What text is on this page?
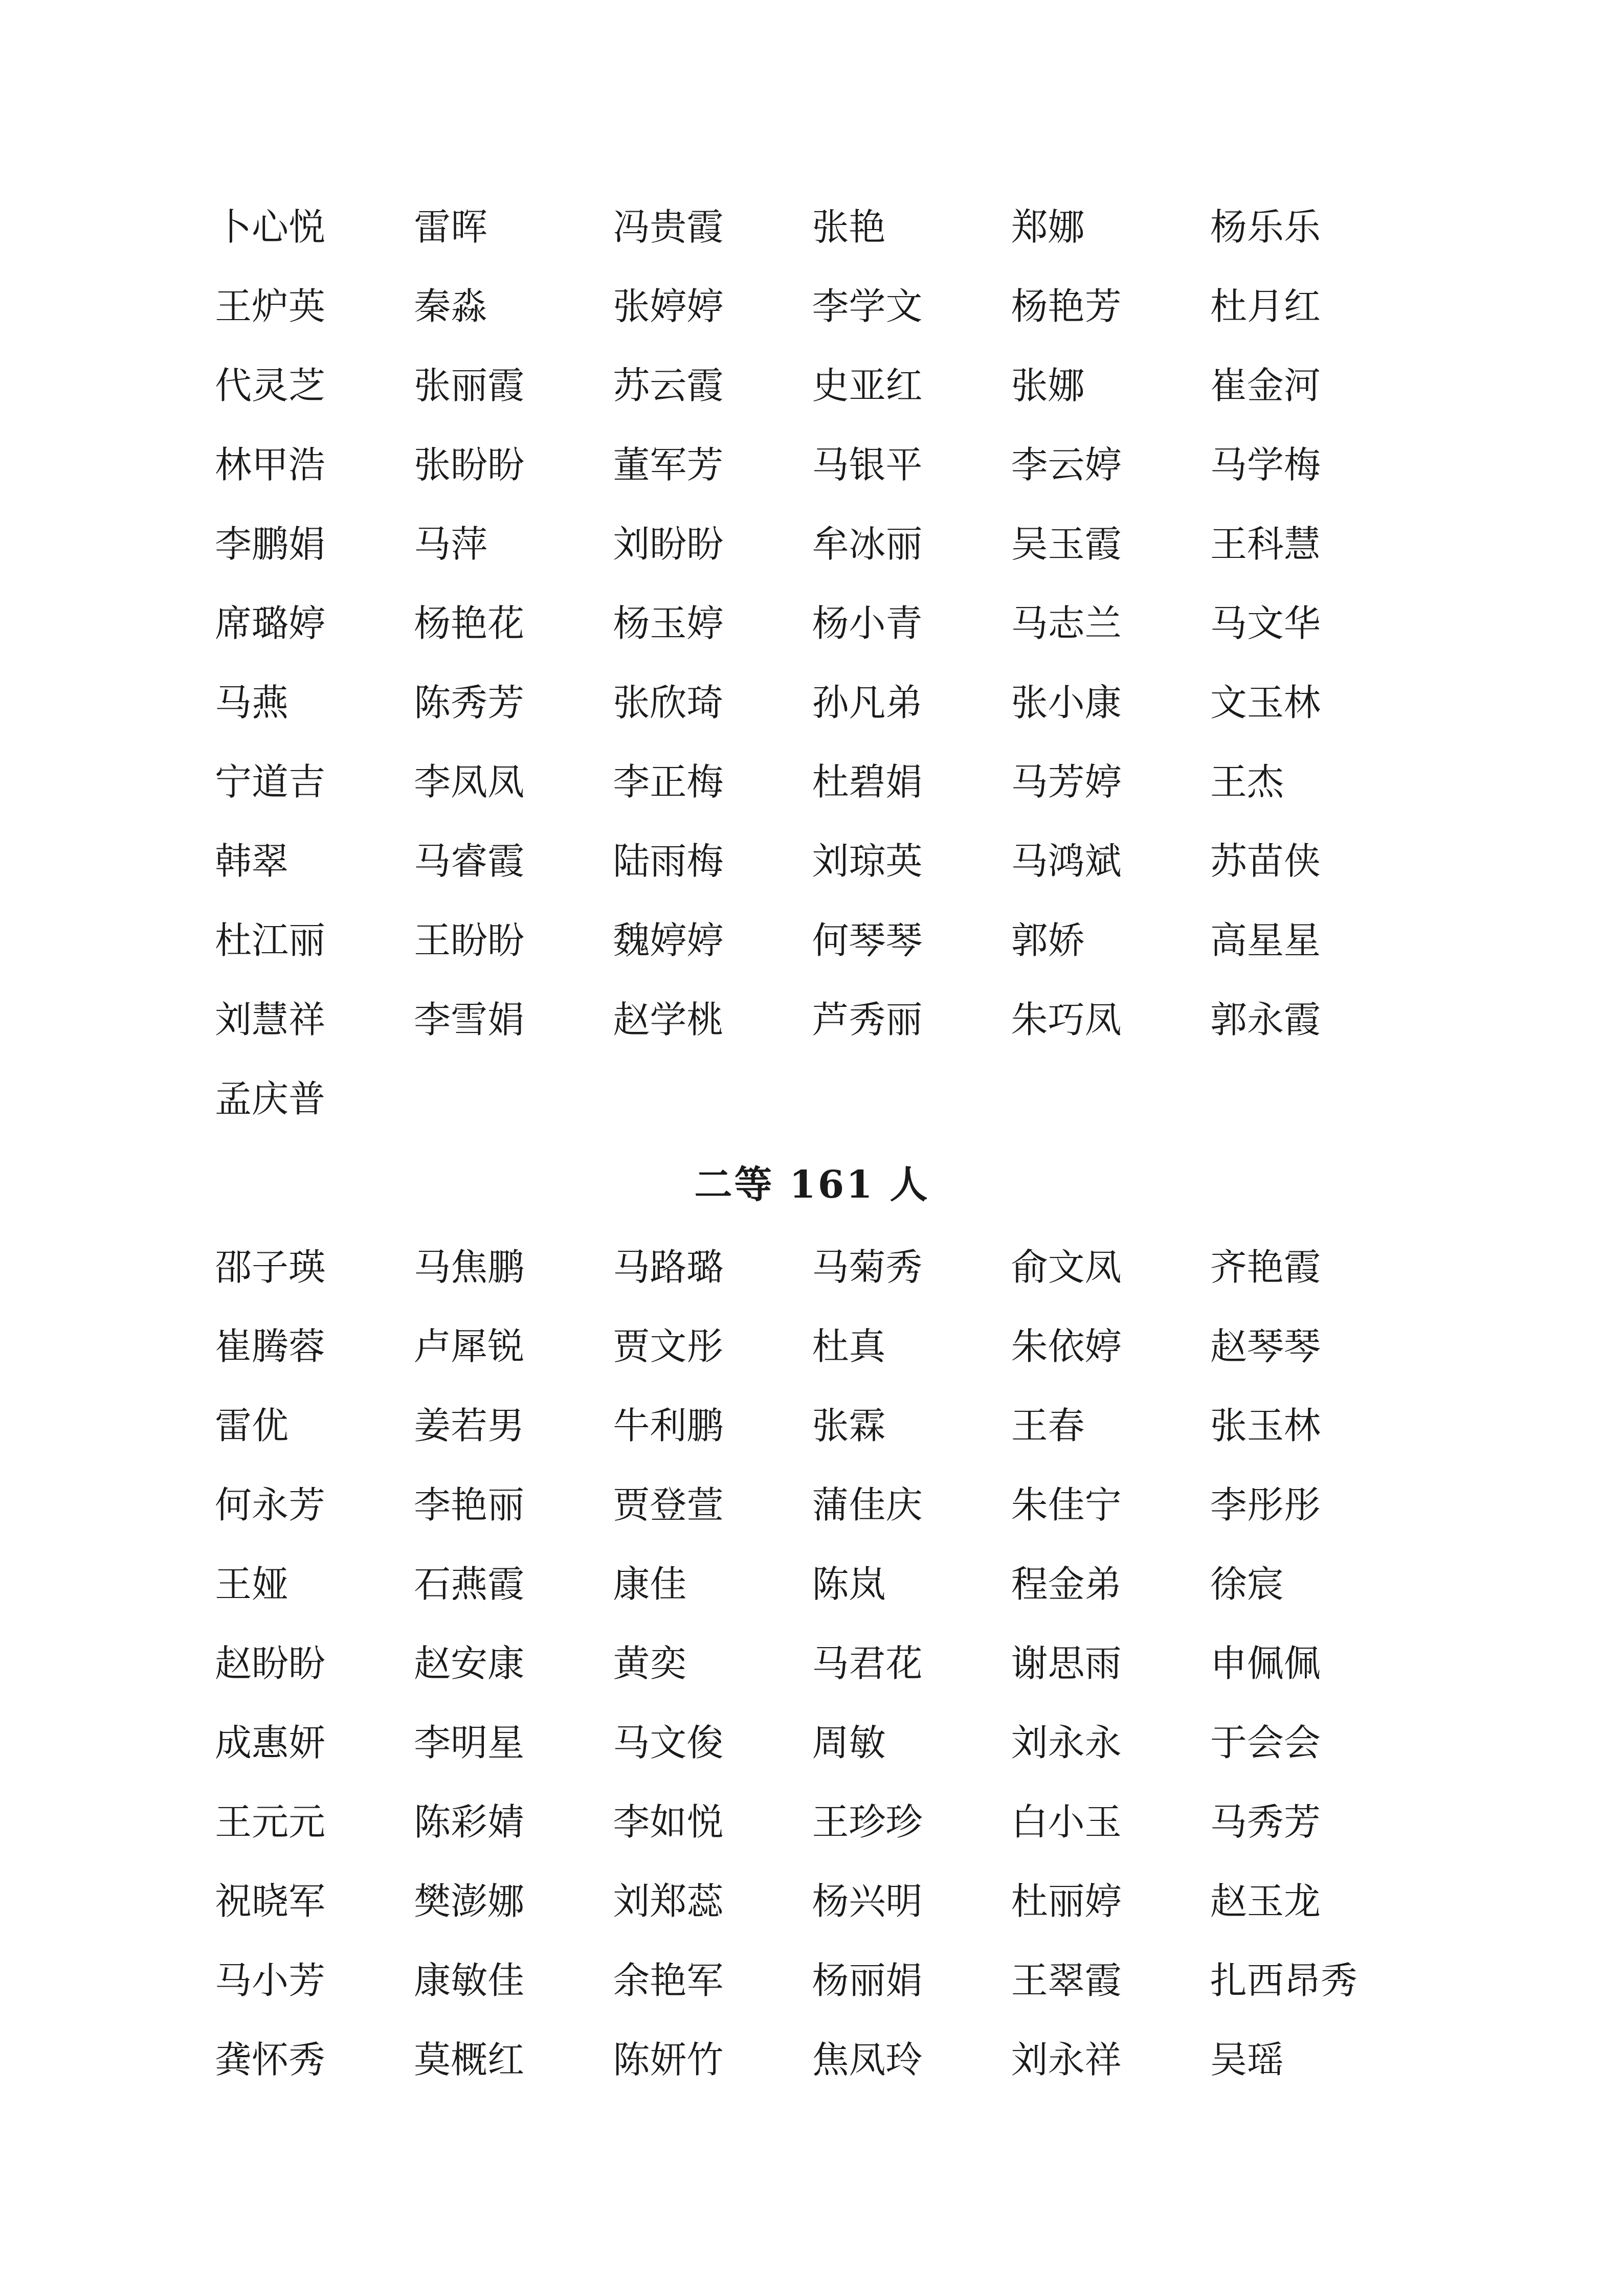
卜心悦 雷晖	冯贵霞 张艳	郑娜	杨乐乐
王炉英 秦淼	张婷婷 李学文 杨艳芳 杜月红
代灵芝 张丽霞 苏云霞 史亚红 张娜	崔金河
林甲浩 张盼盼 董军芳 马银平 李云婷 马学梅
李鹏娟 马萍	刘盼盼 牟冰丽 吴玉霞 王科慧
席璐婷 杨艳花 杨玉婷 杨小青 马志兰 马文华
马燕	陈秀芳 张欣琦 孙凡弟 张小康 文玉林
宁道吉 李凤凤 李正梅 杜碧娟 马芳婷 王杰
韩翠	马睿霞 陆雨梅 刘琼英 马鸿斌 苏苗侠
杜江丽 王盼盼 魏婷婷 何琴琴 郭娇	高星星
刘慧祥 李雪娟 赵学桃 芦秀丽 朱巧凤 郭永霞
孟庆普
二等 161 人
邵子瑛 马焦鹏 马路璐 马菊秀 俞文凤 齐艳霞
崔腾蓉 卢犀锐 贾文彤 杜真	朱依婷 赵琴琴
雷优	姜若男 牛利鹏 张霖	王春	张玉林
何永芳 李艳丽 贾登萱 蒲佳庆 朱佳宁 李彤彤
王娅	石燕霞 康佳	陈岚	程金弟 徐宸
赵盼盼 赵安康 黄奕	马君花 谢思雨 申佩佩
成惠妍 李明星 马文俊 周敏	刘永永 于会会
王元元 陈彩婧 李如悦 王珍珍 白小玉 马秀芳
祝晓军 樊澎娜 刘郑蕊 杨兴明 杜丽婷 赵玉龙
马小芳 康敏佳 余艳军 杨丽娟 王翠霞 扎西昂秀
龚怀秀 莫概红 陈妍竹 焦凤玲 刘永祥 吴瑶
